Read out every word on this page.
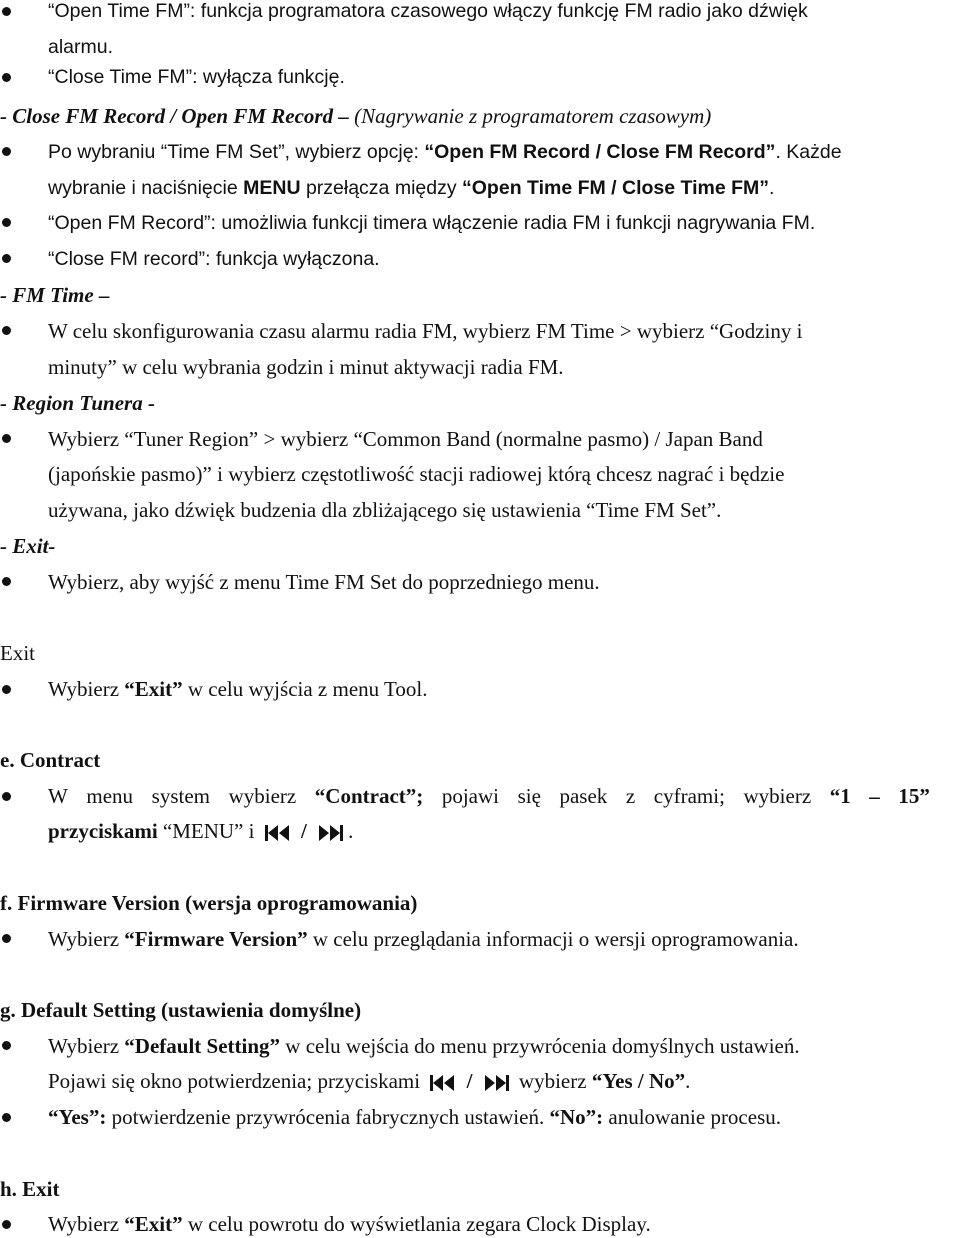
“Open Time FM”: funkcja programatora czasowego włączy funkcję FM radio jako dźwięk
alarmu.
“Close Time FM”: wyłącza funkcję.
- Close FM Record / Open FM Record – (Nagrywanie z programatorem czasowym)
Po wybraniu “Time FM Set”, wybierz opcję: “Open FM Record / Close FM Record”. Każde
wybranie i naciśnięcie MENU przełącza między “Open Time FM / Close Time FM”.
“Open FM Record”: umożliwia funkcji timera włączenie radia FM i funkcji nagrywania FM.
“Close FM record”: funkcja wyłączona.
- FM Time –
W celu skonfigurowania czasu alarmu radia FM, wybierz FM Time > wybierz “Godziny i
minuty” w celu wybrania godzin i minut aktywacji radia FM.
- Region Tunera -
Wybierz “Tuner Region” > wybierz “Common Band (normalne pasmo) / Japan Band
(japońskie pasmo)” i wybierz częstotliwość stacji radiowej którą chcesz nagrać i będzie
używana, jako dźwięk budzenia dla zbliżającego się ustawienia “Time FM Set”.
- Exit-
Wybierz, aby wyjść z menu Time FM Set do poprzedniego menu.
Exit
Wybierz “Exit” w celu wyjścia z menu Tool.
e. Contract
W menu system wybierz “Contract”; pojawi się pasek z cyframi; wybierz “1 – 15”
przyciskami “MENU” i  / .
f. Firmware Version (wersja oprogramowania)
Wybierz “Firmware Version” w celu przeglądania informacji o wersji oprogramowania.
g. Default Setting (ustawienia domyślne)
Wybierz “Default Setting” w celu wejścia do menu przywrócenia domyślnych ustawień.
Pojawi się okno potwierdzenia; przyciskami  /  wybierz “Yes / No”.
“Yes”: potwierdzenie przywrócenia fabrycznych ustawień. “No”: anulowanie procesu.
h. Exit
Wybierz “Exit” w celu powrotu do wyświetlania zegara Clock Display.
